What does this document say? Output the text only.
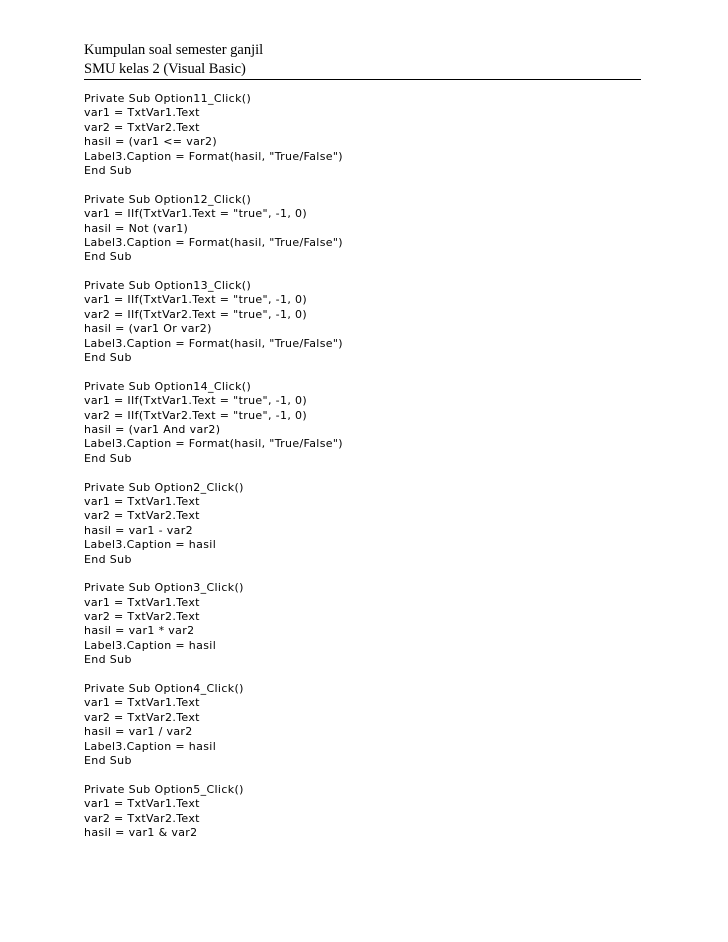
Kumpulan soal semester ganjil
SMU kelas 2 (Visual Basic)
Private Sub Option11_Click()
var1 = TxtVar1.Text
var2 = TxtVar2.Text
hasil = (var1 <= var2)
Label3.Caption = Format(hasil, "True/False")
End Sub
Private Sub Option12_Click()
var1 = IIf(TxtVar1.Text = "true", -1, 0)
hasil = Not (var1)
Label3.Caption = Format(hasil, "True/False")
End Sub
Private Sub Option13_Click()
var1 = IIf(TxtVar1.Text = "true", -1, 0)
var2 = IIf(TxtVar2.Text = "true", -1, 0)
hasil = (var1 Or var2)
Label3.Caption = Format(hasil, "True/False")
End Sub
Private Sub Option14_Click()
var1 = IIf(TxtVar1.Text = "true", -1, 0)
var2 = IIf(TxtVar2.Text = "true", -1, 0)
hasil = (var1 And var2)
Label3.Caption = Format(hasil, "True/False")
End Sub
Private Sub Option2_Click()
var1 = TxtVar1.Text
var2 = TxtVar2.Text
hasil = var1 - var2
Label3.Caption = hasil
End Sub
Private Sub Option3_Click()
var1 = TxtVar1.Text
var2 = TxtVar2.Text
hasil = var1 * var2
Label3.Caption = hasil
End Sub
Private Sub Option4_Click()
var1 = TxtVar1.Text
var2 = TxtVar2.Text
hasil = var1 / var2
Label3.Caption = hasil
End Sub
Private Sub Option5_Click()
var1 = TxtVar1.Text
var2 = TxtVar2.Text
hasil = var1 & var2
